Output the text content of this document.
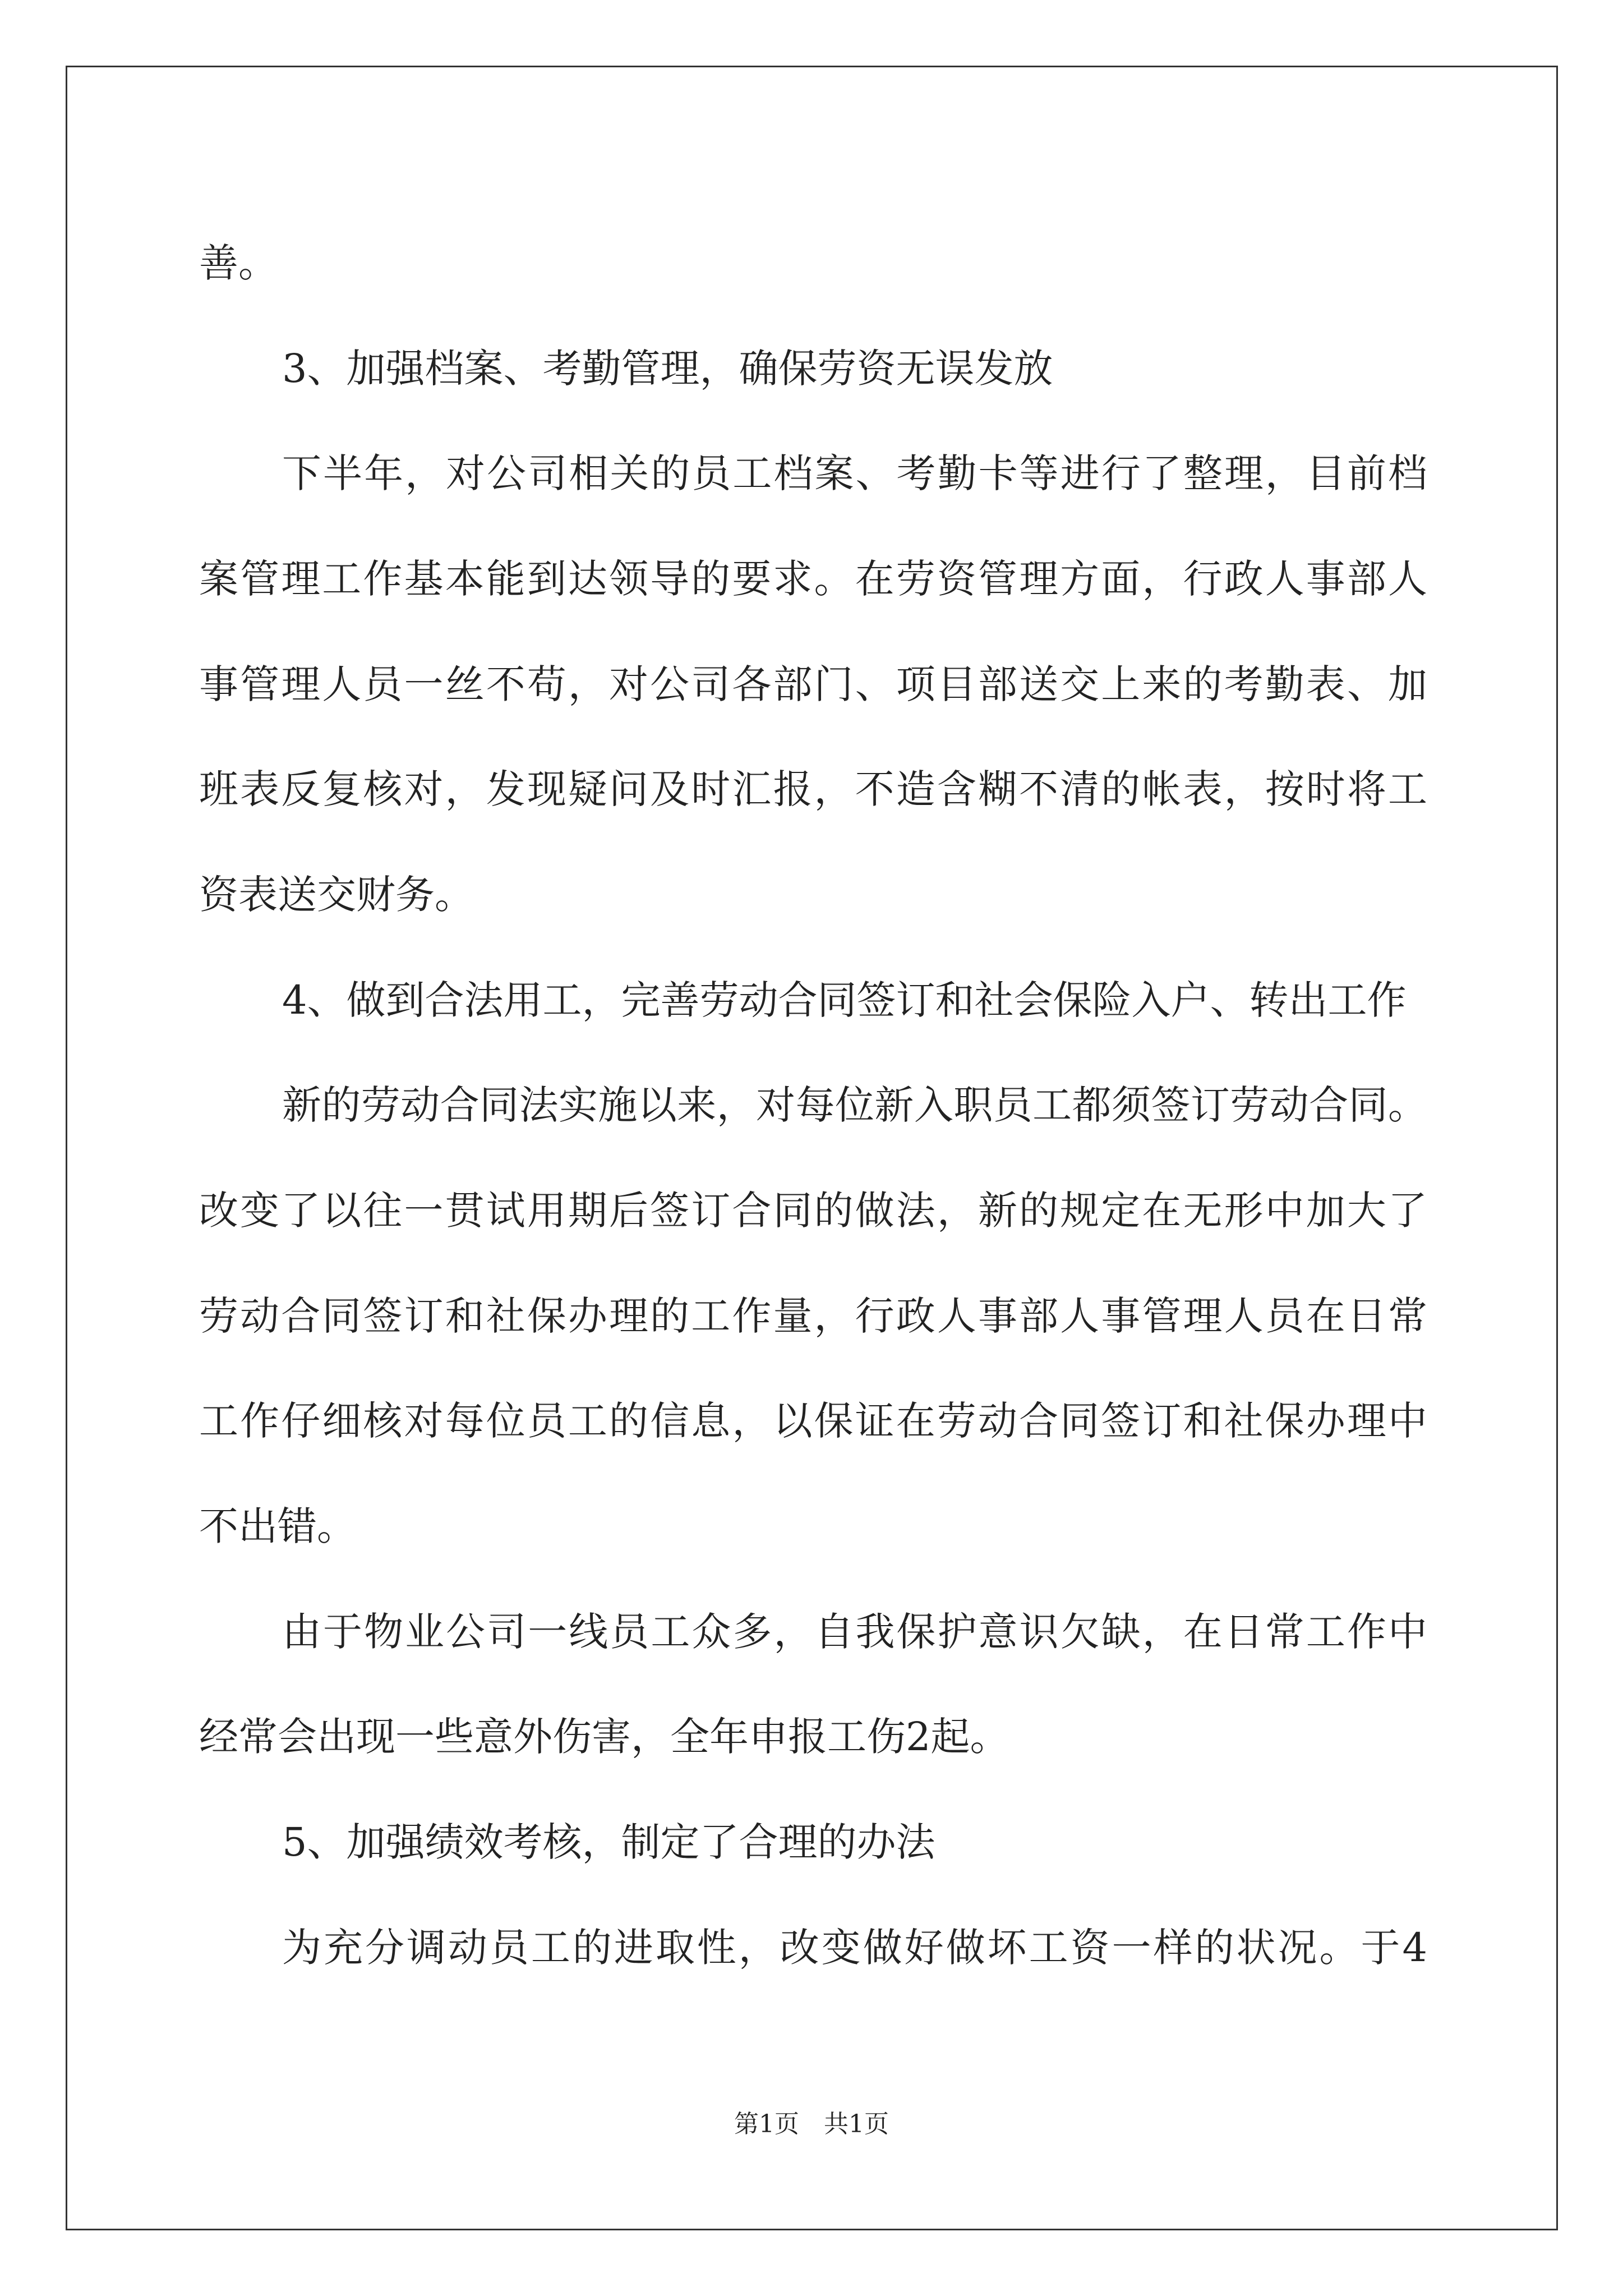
善。
3、加强档案、考勤管理，确保劳资无误发放
下半年，对公司相关的员工档案、考勤卡等进行了整理，目前档
案管理工作基本能到达领导的要求。在劳资管理方面，行政人事部人
事管理人员一丝不苟，对公司各部门、项目部送交上来的考勤表、加
班表反复核对，发现疑问及时汇报，不造含糊不清的帐表，按时将工
资表送交财务。
4、做到合法用工，完善劳动合同签订和社会保险入户、转出工作
新的劳动合同法实施以来，对每位新入职员工都须签订劳动合同。
改变了以往一贯试用期后签订合同的做法，新的规定在无形中加大了
劳动合同签订和社保办理的工作量，行政人事部人事管理人员在日常
工作仔细核对每位员工的信息，以保证在劳动合同签订和社保办理中
不出错。
由于物业公司一线员工众多，自我保护意识欠缺，在日常工作中
经常会出现一些意外伤害，全年申报工伤2起。
5、加强绩效考核，制定了合理的办法
为充分调动员工的进取性，改变做好做坏工资一样的状况。于4
第1页　共1页
